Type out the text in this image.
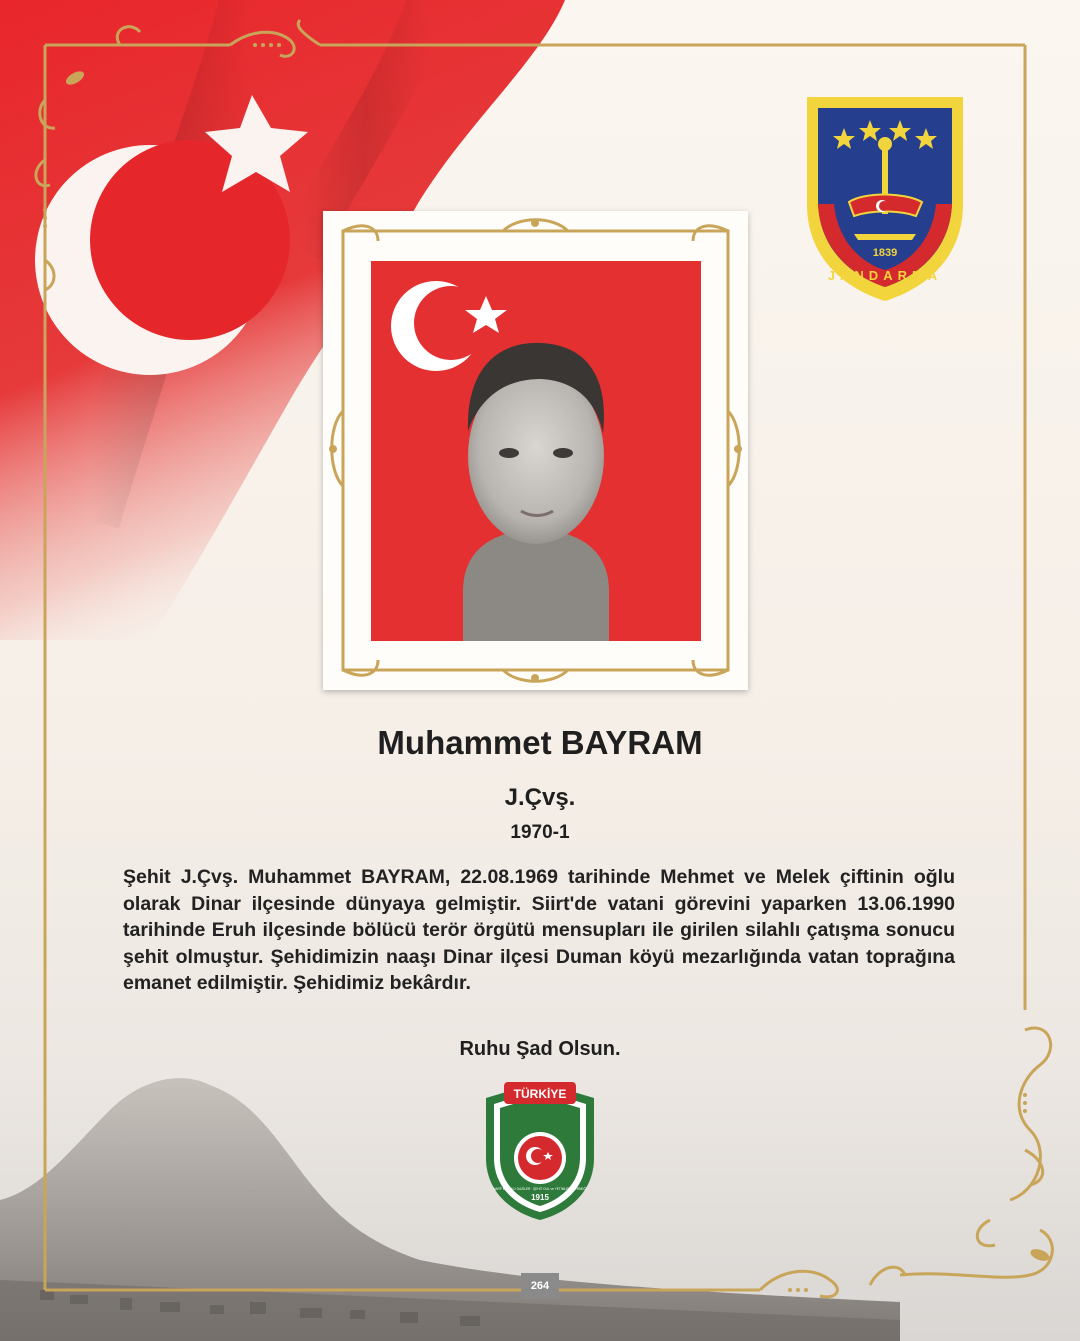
1839
JANDARMA
Muhammet BAYRAM
J.Çvş.
1970-1
Şehit J.Çvş. Muhammet BAYRAM, 22.08.1969 tarihinde Mehmet ve Melek çiftinin oğlu olarak Dinar ilçesinde dünyaya gelmiştir. Siirt'de vatani görevini yaparken 13.06.1990 tarihinde Eruh ilçesinde bölücü terör örgütü mensupları ile girilen silahlı çatışma sonucu şehit olmuştur. Şehidimizin naaşı Dinar ilçesi Duman köyü mezarlığında vatan toprağına emanet edilmiştir. Şehidimiz bekârdır.
Ruhu Şad Olsun.
TÜRKİYE
1915
HARP MALULÜ GAZİLER · ŞEHİT DUL ve YETİMLERİ DERNEĞİ
264
